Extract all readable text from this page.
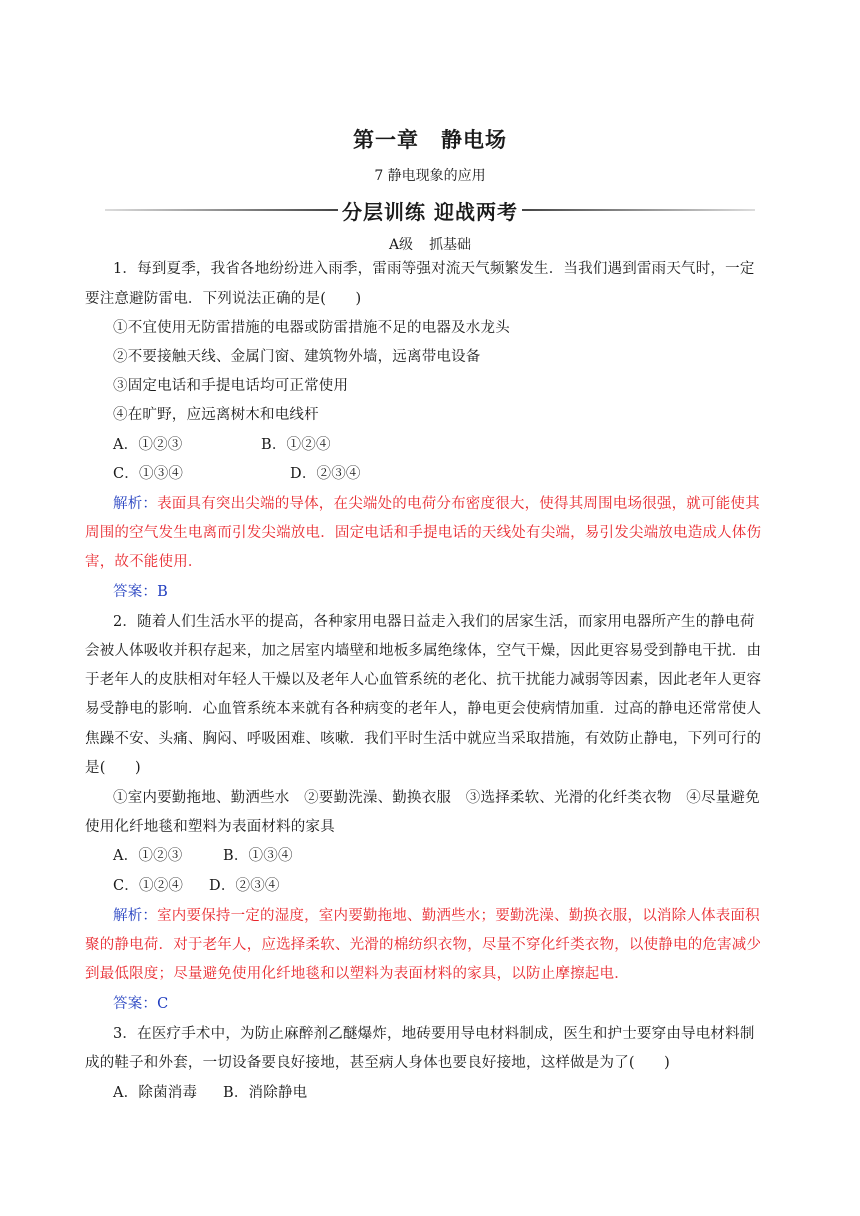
第一章 静电场
7 静电现象的应用
分层训练 迎战两考
A级 抓基础
1．每到夏季，我省各地纷纷进入雨季，雷雨等强对流天气频繁发生．当我们遇到雷雨天气时，一定
要注意避防雷电．下列说法正确的是(　　)
①不宜使用无防雷措施的电器或防雷措施不足的电器及水龙头
②不要接触天线、金属门窗、建筑物外墙，远离带电设备
③固定电话和手提电话均可正常使用
④在旷野，应远离树木和电线杆
A．①②③	B．①②④
C．①③④	D．②③④
解析：表面具有突出尖端的导体，在尖端处的电荷分布密度很大，使得其周围电场很强，就可能使其
周围的空气发生电离而引发尖端放电．固定电话和手提电话的天线处有尖端，易引发尖端放电造成人体伤
害，故不能使用．
答案：B
2．随着人们生活水平的提高，各种家用电器日益走入我们的居家生活，而家用电器所产生的静电荷
会被人体吸收并积存起来，加之居室内墙壁和地板多属绝缘体，空气干燥，因此更容易受到静电干扰．由
于老年人的皮肤相对年轻人干燥以及老年人心血管系统的老化、抗干扰能力减弱等因素，因此老年人更容
易受静电的影响．心血管系统本来就有各种病变的老年人，静电更会使病情加重．过高的静电还常常使人
焦躁不安、头痛、胸闷、呼吸困难、咳嗽．我们平时生活中就应当采取措施，有效防止静电，下列可行的
是(　　)
①室内要勤拖地、勤洒些水　②要勤洗澡、勤换衣服　③选择柔软、光滑的化纤类衣物　④尽量避免
使用化纤地毯和塑料为表面材料的家具
A．①②③	B．①③④
C．①②④ D．②③④
解析：室内要保持一定的湿度，室内要勤拖地、勤洒些水；要勤洗澡、勤换衣服，以消除人体表面积
聚的静电荷．对于老年人，应选择柔软、光滑的棉纺织衣物，尽量不穿化纤类衣物，以使静电的危害减少
到最低限度；尽量避免使用化纤地毯和以塑料为表面材料的家具，以防止摩擦起电．
答案：C
3．在医疗手术中，为防止麻醉剂乙醚爆炸，地砖要用导电材料制成，医生和护士要穿由导电材料制
成的鞋子和外套，一切设备要良好接地，甚至病人身体也要良好接地，这样做是为了(　　)
A．除菌消毒 B．消除静电
